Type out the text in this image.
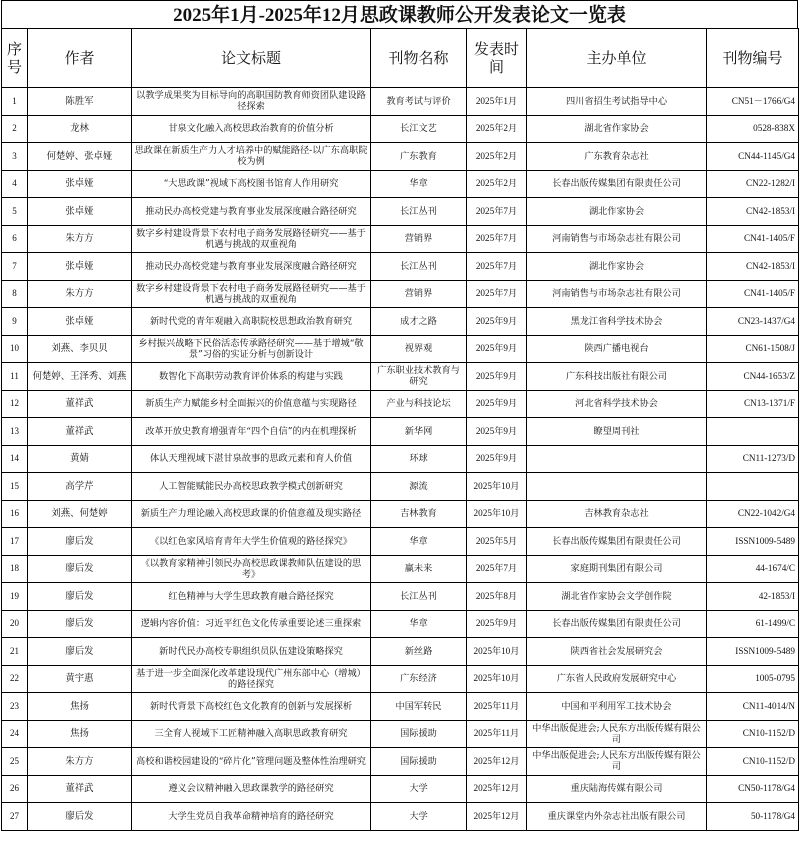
2025年1月-2025年12月思政课教师公开发表论文一览表
序号	作者	论文标题	刊物名称	发表时间	主办单位	刊物编号
1	陈胜军	以教学成果奖为目标导向的高职国防教育师资团队建设路径探索	教育考试与评价	2025年1月	四川省招生考试指导中心	CN51－1766/G4
2	龙林	甘泉文化融入高校思政治教育的价值分析	长江文艺	2025年2月	湖北省作家协会	0528-838X
3	何楚婷、张卓娅	思政课在新质生产力人才培养中的赋能路径-以广东高职院校为例	广东教育	2025年2月	广东教育杂志社	CN44-1145/G4
4	张卓娅	“大思政课”视域下高校图书馆育人作用研究	华章	2025年2月	长春出版传媒集团有限责任公司	CN22-1282/I
5	张卓娅	推动民办高校党建与教育事业发展深度融合路径研究	长江丛刊	2025年7月	湖北作家协会	CN42-1853/I
6	朱方方	数字乡村建设背景下农村电子商务发展路径研究——基于机遇与挑战的双重视角	营销界	2025年7月	河南销售与市场杂志社有限公司	CN41-1405/F
7	张卓娅	推动民办高校党建与教育事业发展深度融合路径研究	长江丛刊	2025年7月	湖北作家协会	CN42-1853/I
8	朱方方	数字乡村建设背景下农村电子商务发展路径研究——基于机遇与挑战的双重视角	营销界	2025年7月	河南销售与市场杂志社有限公司	CN41-1405/F
9	张卓娅	新时代党的青年观融入高职院校思想政治教育研究	成才之路	2025年9月	黑龙江省科学技术协会	CN23-1437/G4
10	刘燕、李贝贝	乡村振兴战略下民俗活态传承路径研究——基于增城“敬景”习俗的实证分析与创新设计	视界观	2025年9月	陕西广播电视台	CN61-1508/J
11	何楚婷、王泽秀、刘燕	数智化下高职劳动教育评价体系的构建与实践	广东职业技术教育与研究	2025年9月	广东科技出版社有限公司	CN44-1653/Z
12	董祥武	新质生产力赋能乡村全面振兴的价值意蕴与实现路径	产业与科技论坛	2025年9月	河北省科学技术协会	CN13-1371/F
13	董祥武	改革开放史教育增强青年“四个自信”的内在机理探析	新华网	2025年9月	瞭望周刊社	
14	黄婧	体认天理视域下湛甘泉故事的思政元素和育人价值	环球	2025年9月		CN11-1273/D
15	高学芹	人工智能赋能民办高校思政教学模式创新研究	源流	2025年10月		
16	刘燕、何楚婷	新质生产力理论融入高校思政课的价值意蕴及现实路径	吉林教育	2025年10月	吉林教育杂志社	CN22-1042/G4
17	廖后发	《以红色家风培育青年大学生价值观的路径探究》	华章	2025年5月	长春出版传媒集团有限责任公司	ISSN1009-5489
18	廖后发	《以教育家精神引领民办高校思政课教师队伍建设的思考》	赢未来	2025年7月	家庭期刊集团有限公司	44-1674/C
19	廖后发	红色精神与大学生思政教育融合路径探究	长江丛刊	2025年8月	湖北省作家协会文学创作院	42-1853/I
20	廖后发	逻辑内容价值：习近平红色文化传承重要论述三重探索	华章	2025年9月	长春出版传媒集团有限责任公司	61-1499/C
21	廖后发	新时代民办高校专职组织员队伍建设策略探究	新丝路	2025年10月	陕西省社会发展研究会	ISSN1009-5489
22	黄宇惠	基于进一步全面深化改革建设现代广州东部中心（增城）的路径探究	广东经济	2025年10月	广东省人民政府发展研究中心	1005-0795
23	焦扬	新时代背景下高校红色文化教育的创新与发展探析	中国军转民	2025年11月	中国和平利用军工技术协会	CN11-4014/N
24	焦扬	三全育人视域下工匠精神融入高职思政教育研究	国际援助	2025年11月	中华出版促进会;人民东方出版传媒有限公司	CN10-1152/D
25	朱方方	高校和谐校园建设的“碎片化”管理问题及整体性治理研究	国际援助	2025年12月	中华出版促进会;人民东方出版传媒有限公司	CN10-1152/D
26	董祥武	遵义会议精神融入思政课教学的路径研究	大学	2025年12月	重庆陆海传媒有限公司	CN50-1178/G4
27	廖后发	大学生党员自我革命精神培育的路径研究	大学	2025年12月	重庆课堂内外杂志社出版有限公司	50-1178/G4
